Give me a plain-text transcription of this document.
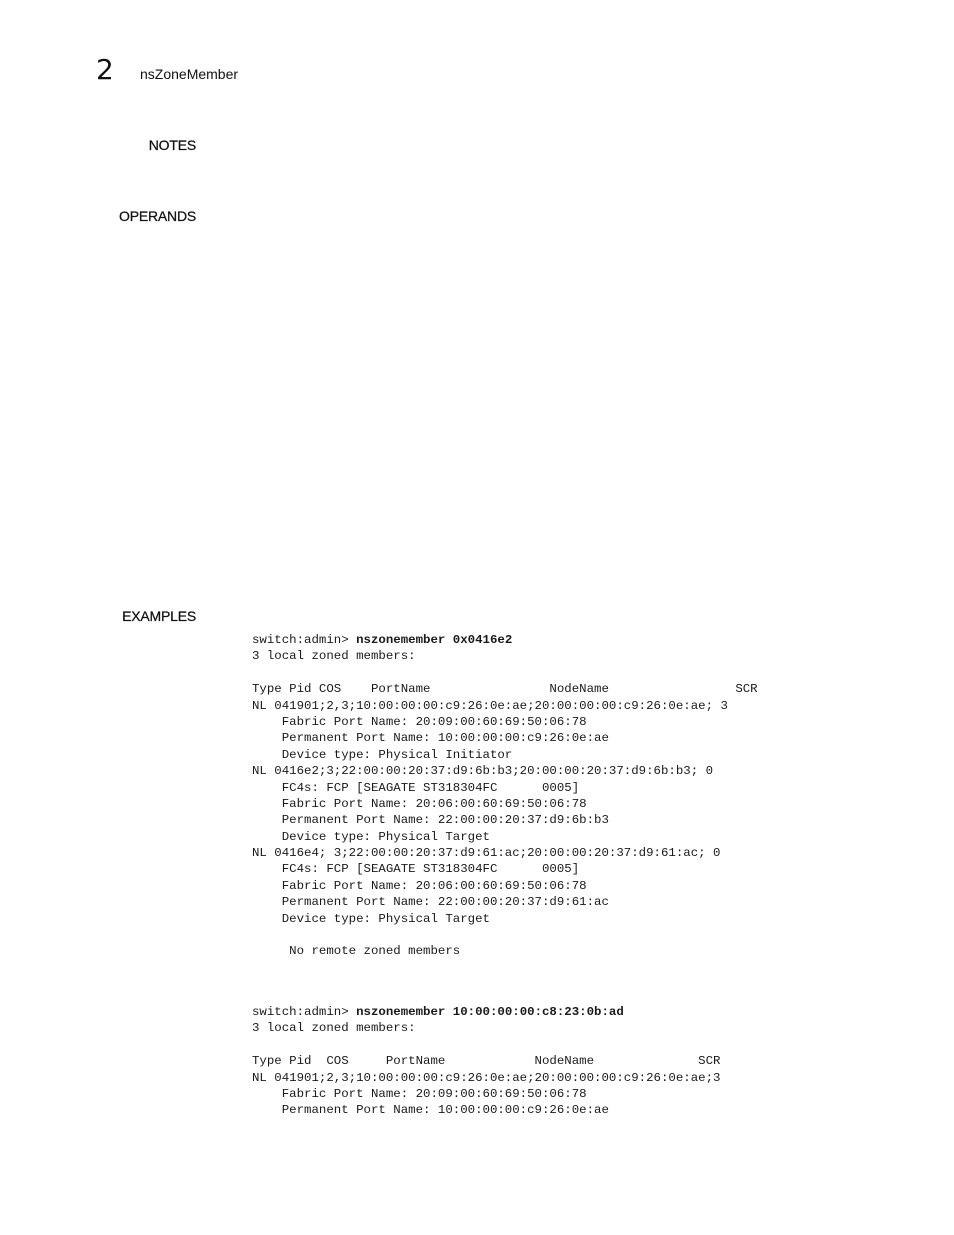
2 nsZoneMember
NOTES
OPERANDS
EXAMPLES
switch:admin> nszonemember 0x0416e2
3 local zoned members:
Type Pid COS    PortName                NodeName                 SCR
NL 041901;2,3;10:00:00:00:c9:26:0e:ae;20:00:00:00:c9:26:0e:ae; 3
Fabric Port Name: 20:09:00:60:69:50:06:78
Permanent Port Name: 10:00:00:00:c9:26:0e:ae
Device type: Physical Initiator
NL 0416e2;3;22:00:00:20:37:d9:6b:b3;20:00:00:20:37:d9:6b:b3; 0
FC4s: FCP [SEAGATE ST318304FC      0005]
Fabric Port Name: 20:06:00:60:69:50:06:78
Permanent Port Name: 22:00:00:20:37:d9:6b:b3
Device type: Physical Target
NL 0416e4; 3;22:00:00:20:37:d9:61:ac;20:00:00:20:37:d9:61:ac; 0
FC4s: FCP [SEAGATE ST318304FC      0005]
Fabric Port Name: 20:06:00:60:69:50:06:78
Permanent Port Name: 22:00:00:20:37:d9:61:ac
Device type: Physical Target
No remote zoned members
switch:admin> nszonemember 10:00:00:00:c8:23:0b:ad
3 local zoned members:
Type Pid  COS     PortName            NodeName              SCR
NL 041901;2,3;10:00:00:00:c9:26:0e:ae;20:00:00:00:c9:26:0e:ae;3
Fabric Port Name: 20:09:00:60:69:50:06:78
Permanent Port Name: 10:00:00:00:c9:26:0e:ae
